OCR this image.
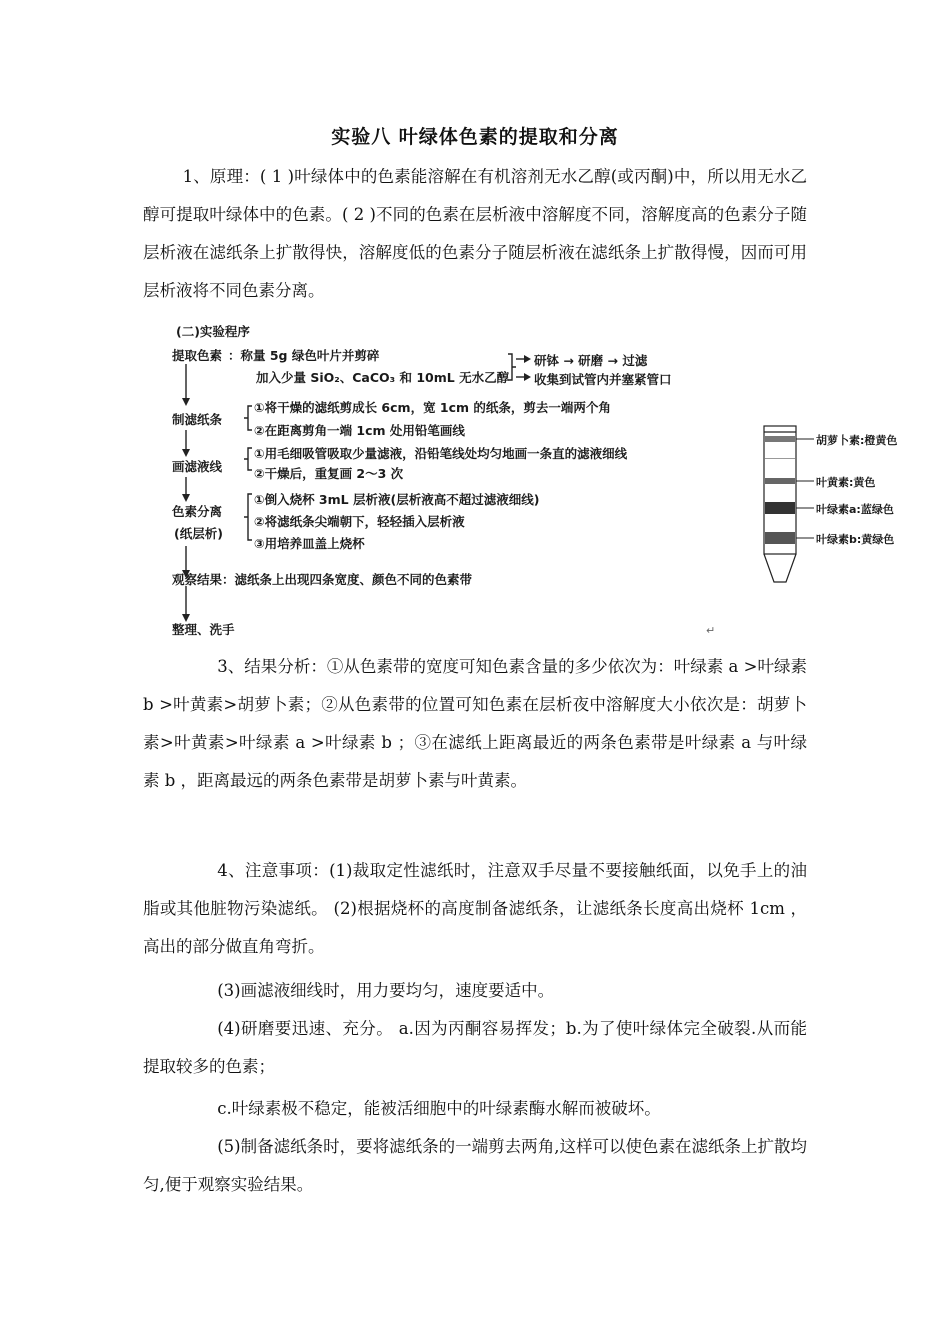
实验八 叶绿体色素的提取和分离

1、原理：( 1 )叶绿体中的色素能溶解在有机溶剂无水乙醇(或丙酮)中，所以用无水乙醇可提取叶绿体中的色素。( 2 )不同的色素在层析液中溶解度不同，溶解度高的色素分子随层析液在滤纸条上扩散得快，溶解度低的色素分子随层析液在滤纸条上扩散得慢，因而可用层析液将不同色素分离。

(二)实验程序
提取色素 ：称量 5g 绿色叶片并剪碎
加入少量 SiO₂、CaCO₃ 和 10mL 无水乙醇
研钵 → 研磨 → 过滤
收集到试管内并塞紧管口
制滤纸条
①将干燥的滤纸剪成长 6cm，宽 1cm 的纸条，剪去一端两个角
②在距离剪角一端 1cm 处用铅笔画线
画滤液线
①用毛细吸管吸取少量滤液，沿铅笔线处均匀地画一条直的滤液细线
②干燥后，重复画 2～3 次
色素分离
(纸层析)
①倒入烧杯 3mL 层析液(层析液高不超过滤液细线)
②将滤纸条尖端朝下，轻轻插入层析液
③用培养皿盖上烧杯
观察结果：滤纸条上出现四条宽度、颜色不同的色素带
整理、洗手	↵
胡萝卜素:橙黄色
叶黄素:黄色
叶绿素a:蓝绿色
叶绿素b:黄绿色

3、结果分析：①从色素带的宽度可知色素含量的多少依次为：叶绿素 a >叶绿素 b >叶黄素>胡萝卜素；②从色素带的位置可知色素在层析夜中溶解度大小依次是：胡萝卜素>叶黄素>叶绿素 a >叶绿素 b ；③在滤纸上距离最近的两条色素带是叶绿素 a 与叶绿素 b ，距离最远的两条色素带是胡萝卜素与叶黄素。

4、注意事项：(1)裁取定性滤纸时，注意双手尽量不要接触纸面，以免手上的油脂或其他脏物污染滤纸。 (2)根据烧杯的高度制备滤纸条，让滤纸条长度高出烧杯 1cm ，高出的部分做直角弯折。

(3)画滤液细线时，用力要均匀，速度要适中。

(4)研磨要迅速、充分。 a.因为丙酮容易挥发；b.为了使叶绿体完全破裂.从而能提取较多的色素；

c.叶绿素极不稳定，能被活细胞中的叶绿素酶水解而被破坏。

(5)制备滤纸条时，要将滤纸条的一端剪去两角,这样可以使色素在滤纸条上扩散均匀,便于观察实验结果。
